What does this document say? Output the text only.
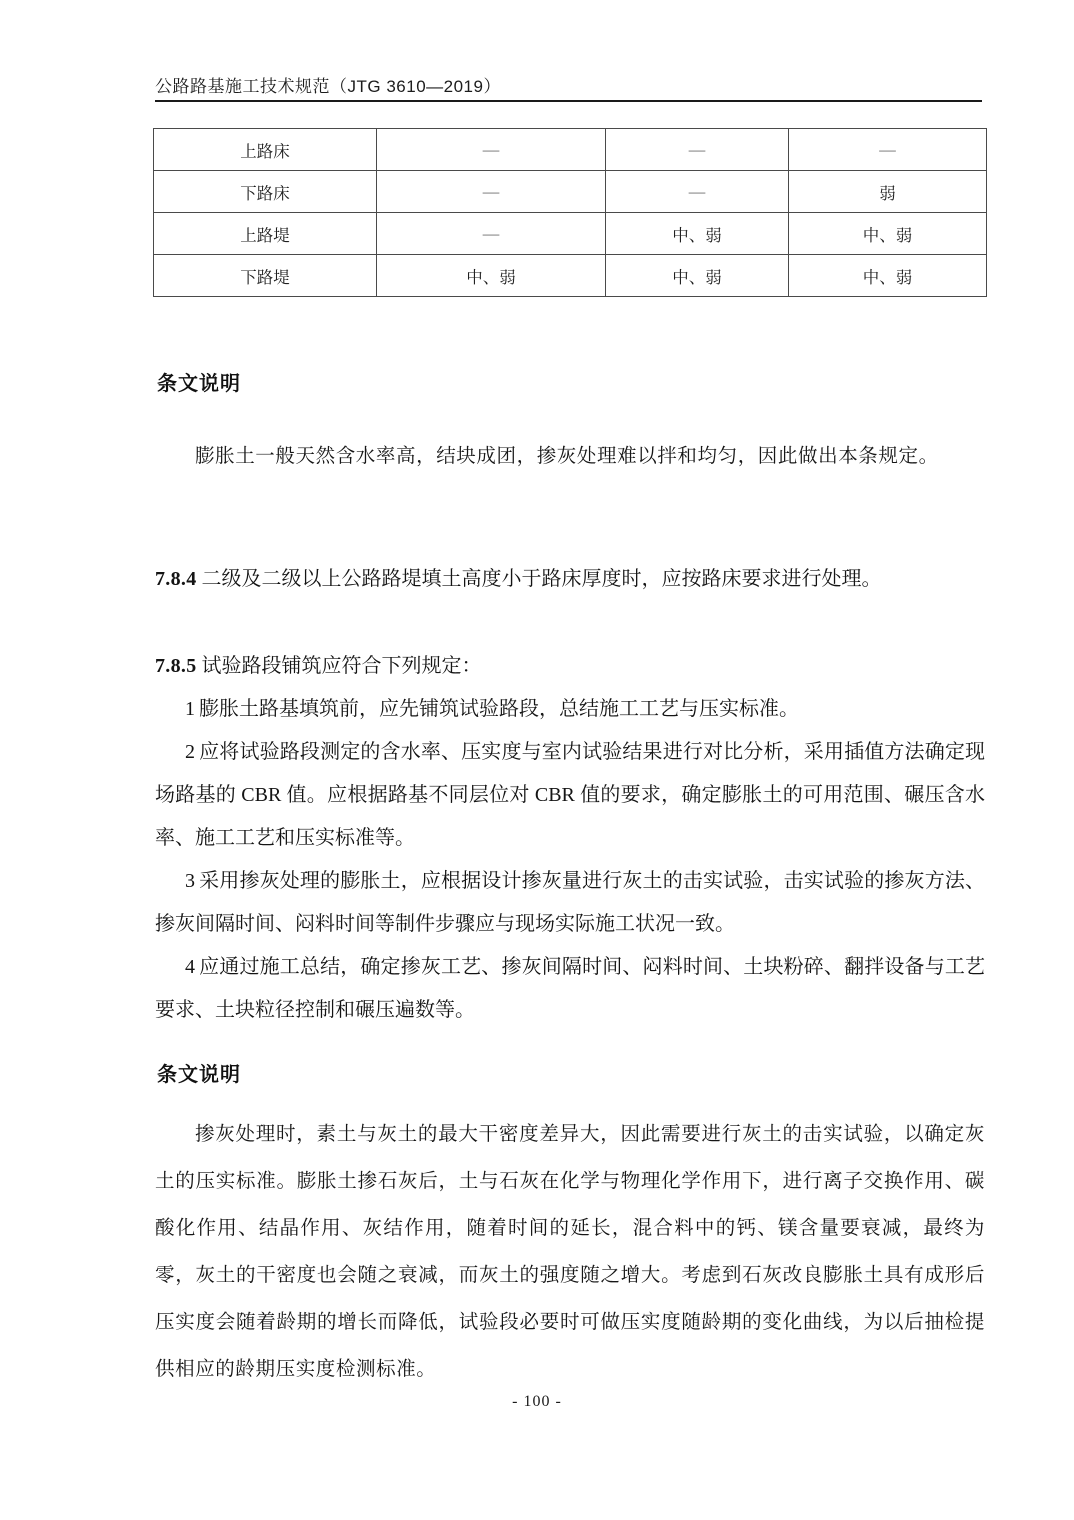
公路路基施工技术规范（JTG 3610—2019）
上路床	—	—	—
下路床	—	—	弱
上路堤	—	中、弱	中、弱
下路堤	中、弱	中、弱	中、弱
条文说明
膨胀土一般天然含水率高，结块成团，掺灰处理难以拌和均匀，因此做出本条规定。
7.8.4 二级及二级以上公路路堤填土高度小于路床厚度时，应按路床要求进行处理。
7.8.5 试验路段铺筑应符合下列规定：
1 膨胀土路基填筑前，应先铺筑试验路段，总结施工工艺与压实标准。
2 应将试验路段测定的含水率、压实度与室内试验结果进行对比分析，采用插值方法确定现场路基的 CBR 值。应根据路基不同层位对 CBR 值的要求，确定膨胀土的可用范围、碾压含水率、施工工艺和压实标准等。
3 采用掺灰处理的膨胀土，应根据设计掺灰量进行灰土的击实试验，击实试验的掺灰方法、掺灰间隔时间、闷料时间等制件步骤应与现场实际施工状况一致。
4 应通过施工总结，确定掺灰工艺、掺灰间隔时间、闷料时间、土块粉碎、翻拌设备与工艺要求、土块粒径控制和碾压遍数等。
条文说明
掺灰处理时，素土与灰土的最大干密度差异大，因此需要进行灰土的击实试验，以确定灰土的压实标准。膨胀土掺石灰后，土与石灰在化学与物理化学作用下，进行离子交换作用、碳酸化作用、结晶作用、灰结作用，随着时间的延长，混合料中的钙、镁含量要衰减，最终为零，灰土的干密度也会随之衰减，而灰土的强度随之增大。考虑到石灰改良膨胀土具有成形后压实度会随着龄期的增长而降低，试验段必要时可做压实度随龄期的变化曲线，为以后抽检提供相应的龄期压实度检测标准。
- 100 -
